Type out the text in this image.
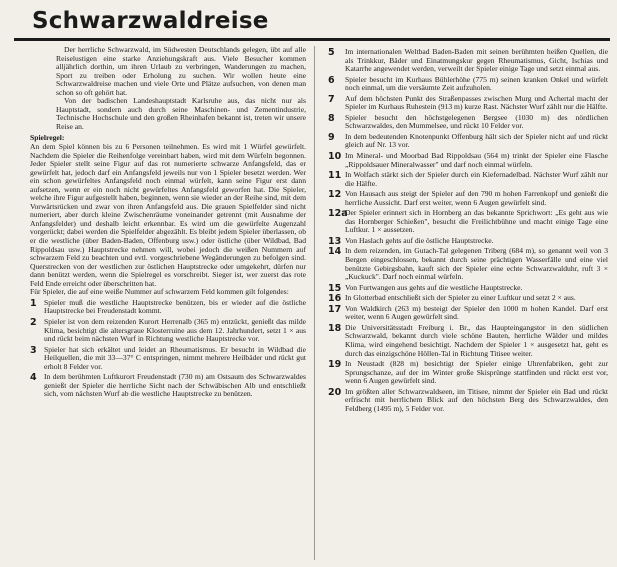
Schwarzwaldreise

Der herrliche Schwarzwald, im Südwesten Deutschlands gelegen, übt auf alle Reiselustigen eine starke Anziehungskraft aus. Viele Besucher kommen alljährlich dorthin, um ihren Urlaub zu verbringen, Wanderungen zu machen, Sport zu treiben oder Erholung zu suchen. Wir wollen heute eine Schwarzwaldreise machen und viele Orte und Plätze aufsuchen, von denen man schon so oft gehört hat.

Von der badischen Landeshauptstadt Karlsruhe aus, das nicht nur als Hauptstadt, sondern auch durch seine Maschinen- und Zementindustrie, Technische Hochschule und den großen Rheinhafen bekannt ist, treten wir unsere Reise an.

Spielregel:

An dem Spiel können bis zu 6 Personen teilnehmen. Es wird mit 1 Würfel gewürfelt. Nachdem die Spieler die Reihenfolge vereinbart haben, wird mit dem Würfeln begonnen. Jeder Spieler stellt seine Figur auf das rot numerierte schwarze Anfangsfeld, das er gewürfelt hat, jedoch darf ein Anfangsfeld jeweils nur von 1 Spieler besetzt werden. Wer ein schon gewürfeltes Anfangsfeld noch einmal würfelt, kann seine Figur erst dann aufsetzen, wenn er ein noch nicht gewürfeltes Anfangsfeld geworfen hat. Die Spieler, welche ihre Figur aufgestellt haben, beginnen, wenn sie wieder an der Reihe sind, mit dem Vorwärtsrücken und zwar von ihren Anfangsfeld aus. Die grauen Spielfelder sind nicht numeriert, aber durch kleine Zwischenräume voneinander getrennt (mit Ausnahme der Anfangsfelder) und deshalb leicht erkennbar. Es wird um die gewürfelte Augenzahl vorgerückt; dabei werden die Spielfelder abgezählt. Es bleibt jedem Spieler überlassen, ob er die westliche (über Baden-Baden, Offenburg usw.) oder östliche (über Wildbad, Bad Rippoldsau usw.) Hauptstrecke nehmen will, wobei jedoch die weißen Nummern auf schwarzem Feld zu beachten und evtl. vorgeschriebene Wegänderungen zu befolgen sind. Querstrecken von der westlichen zur östlichen Hauptstrecke oder umgekehrt, dürfen nur dann benützt werden, wenn die Spielregel es vorschreibt. Sieger ist, wer zuerst das rote Feld Ende erreicht oder überschritten hat.

Für Spieler, die auf eine weiße Nummer auf schwarzem Feld kommen gilt folgendes:

1 Spieler muß die westliche Hauptstrecke benützen, bis er wieder auf die östliche Hauptstrecke bei Freudenstadt kommt.
2 Spieler ist von dem reizenden Kurort Herrenalb (365 m) entzückt, genießt das milde Klima, besichtigt die altersgraue Klosterruine aus dem 12. Jahrhundert, setzt 1 × aus und rückt beim nächsten Wurf in Richtung westliche Hauptstrecke vor.
3 Spieler hat sich erkältet und leidet an Rheumatismus. Er besucht in Wildbad die Heilquellen, die mit 33—37° C entspringen, nimmt mehrere Heilbäder und rückt gut erholt 8 Felder vor.
4 In dem berühmten Luftkurort Freudenstadt (730 m) am Ostsaum des Schwarzwaldes genießt der Spieler die herrliche Sicht nach der Schwäbischen Alb und entschließt sich, vom nächsten Wurf ab die westliche Hauptstrecke zu benützen.
5 Im internationalen Weltbad Baden-Baden mit seinen berühmten heißen Quellen, die als Trinkkur, Bäder und Einatmungskur gegen Rheumatismus, Gicht, Ischias und Katarrhe angewendet werden, verweilt der Spieler einige Tage und setzt einmal aus.
6 Spieler besucht im Kurhaus Bühlerhöhe (775 m) seinen kranken Onkel und würfelt noch einmal, um die versäumte Zeit aufzuholen.
7 Auf dem höchsten Punkt des Straßenpasses zwischen Murg und Achertal macht der Spieler im Kurhaus Ruhestein (913 m) kurze Rast. Nächster Wurf zählt nur die Hälfte.
8 Spieler besucht den höchstgelegenen Bergsee (1030 m) des nördlichen Schwarzwaldes, den Mummelsee, und rückt 10 Felder vor.
9 In dem bedeutenden Knotenpunkt Offenburg hält sich der Spieler nicht auf und rückt gleich auf Nr. 13 vor.
10 Im Mineral- und Moorbad Bad Rippoldsau (564 m) trinkt der Spieler eine Flasche „Rippoldsauer Mineralwasser" und darf noch einmal würfeln.
11 In Wolfach stärkt sich der Spieler durch ein Kiefernadelbad. Nächster Wurf zählt nur die Hälfte.
12 Von Hausach aus steigt der Spieler auf den 790 m hohen Farrenkopf und genießt die herrliche Aussicht. Darf erst weiter, wenn 6 Augen gewürfelt sind.
12a
Der Spieler erinnert sich in Hornberg an das bekannte Sprichwort: „Es geht aus wie das Hornberger Schießen", besucht die Freilichtbühne und macht einige Tage eine Luftkur. 1 × aussetzen.
13 Von Haslach gehts auf die östliche Hauptstrecke.
14 In dem reizenden, im Gutach-Tal gelegenen Triberg (684 m), so genannt weil von 3 Bergen eingeschlossen, bekannt durch seine prächtigen Wasserfälle und eine viel benützte Gebirgsbahn, kauft sich der Spieler eine echte Schwarzwalduhr, ruft 3 × „Kuckuck". Darf noch einmal würfeln.
15 Von Furtwangen aus gehts auf die westliche Hauptstrecke.
16 In Glotterbad entschließt sich der Spieler zu einer Luftkur und setzt 2 × aus.
17 Von Waldkirch (263 m) besteigt der Spieler den 1000 m hohen Kandel. Darf erst weiter, wenn 6 Augen gewürfelt sind.
18 Die Universitätsstadt Freiburg i. Br., das Haupteingangstor in den südlichen Schwarzwald, bekannt durch viele schöne Bauten, herrliche Wälder und mildes Klima, wird eingehend besichtigt. Nachdem der Spieler 1 × ausgesetzt hat, geht es durch das einzigschöne Höllen-Tal in Richtung Titisee weiter.
19 In Neustadt (828 m) besichtigt der Spieler einige Uhrenfabriken, geht zur Sprungschanze, auf der im Winter große Skisprünge stattfinden und rückt erst vor, wenn 6 Augen gewürfelt sind.
20 Im größten aller Schwarzwaldseen, im Titisee, nimmt der Spieler ein Bad und rückt erfrischt mit herrlichem Blick auf den höchsten Berg des Schwarzwaldes, den Feldberg (1495 m), 5 Felder vor.
